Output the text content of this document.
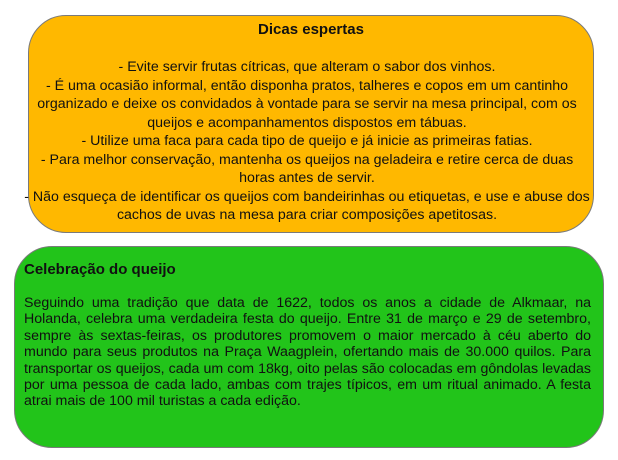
Dicas espertas
- Evite servir frutas cítricas, que alteram o sabor dos vinhos.
- É uma ocasião informal, então disponha pratos, talheres e copos em um cantinho organizado e deixe os convidados à vontade para se servir na mesa principal, com os queijos e acompanhamentos dispostos em tábuas.
- Utilize uma faca para cada tipo de queijo e já inicie as primeiras fatias.
- Para melhor conservação, mantenha os queijos na geladeira e retire cerca de duas horas antes de servir.
- Não esqueça de identificar os queijos com bandeirinhas ou etiquetas, e use e abuse dos cachos de uvas na mesa para criar composições apetitosas.
Celebração do queijo
Seguindo uma tradição que data de 1622, todos os anos a cidade de Alkmaar, na Holanda, celebra uma verdadeira festa do queijo. Entre 31 de março e 29 de setembro, sempre às sextas-feiras, os produtores promovem o maior mercado à céu aberto do mundo para seus produtos na Praça Waagplein, ofertando mais de 30.000 quilos. Para transportar os queijos, cada um com 18kg, oito pelas são colocadas em gôndolas levadas por uma pessoa de cada lado, ambas com trajes típicos, em um ritual animado. A festa atrai mais de 100 mil turistas a cada edição.
